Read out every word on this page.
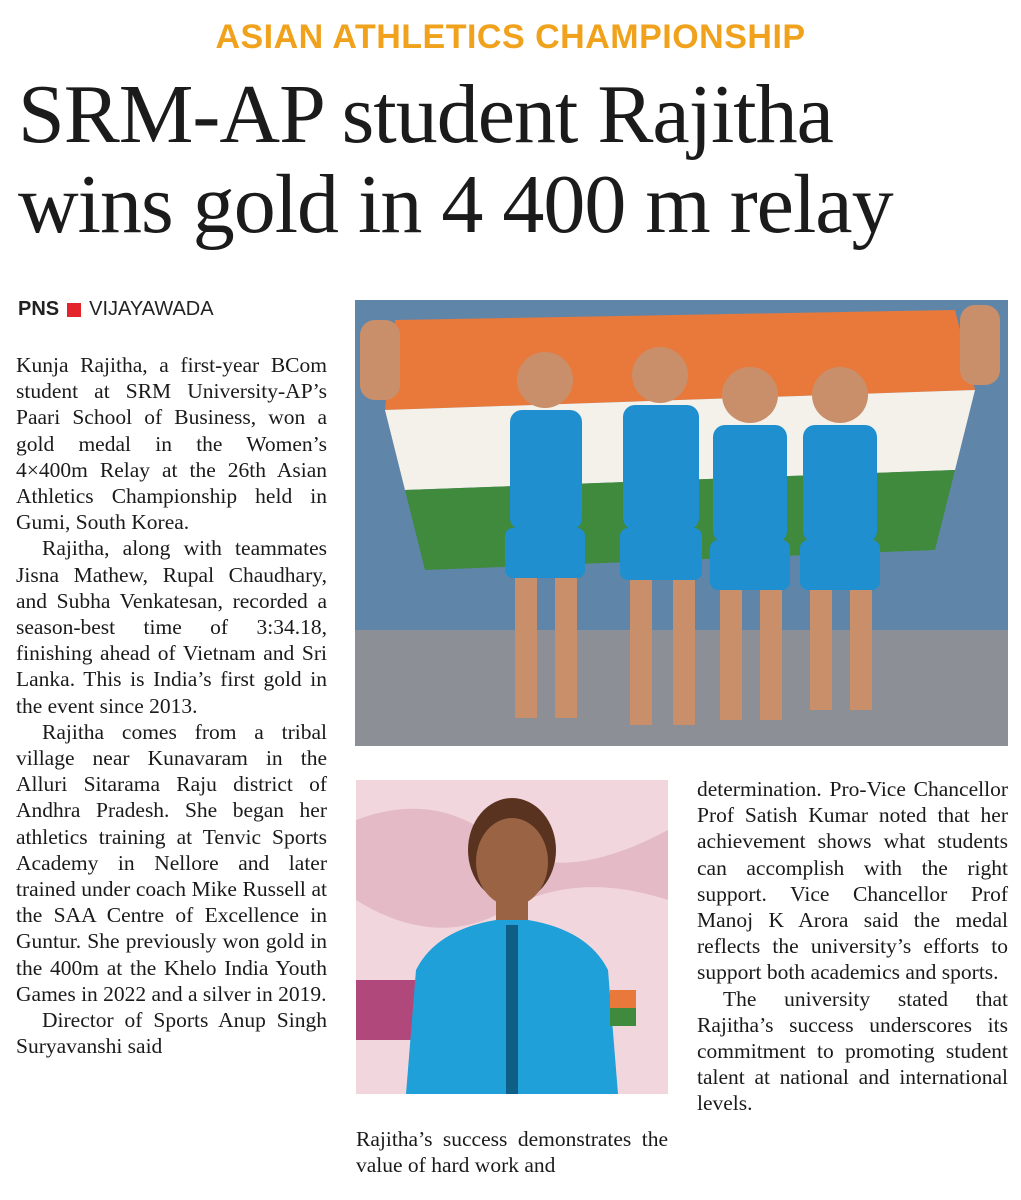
ASIAN ATHLETICS CHAMPIONSHIP
SRM-AP student Rajitha
wins gold in 4 400 m relay
PNS VIJAYAWADA

Kunja Rajitha, a first-year BCom student at SRM University-AP’s Paari School of Business, won a gold medal in the Women’s 4×400m Relay at the 26th Asian Athletics Championship held in Gumi, South Korea.

Rajitha, along with teammates Jisna Mathew, Rupal Chaudhary, and Subha Venkatesan, recorded a season-best time of 3:34.18, finishing ahead of Vietnam and Sri Lanka. This is India’s first gold in the event since 2013.

Rajitha comes from a tribal village near Kunavaram in the Alluri Sitarama Raju district of Andhra Pradesh. She began her athletics training at Tenvic Sports Academy in Nellore and later trained under coach Mike Russell at the SAA Centre of Excellence in Guntur. She previously won gold in the 400m at the Khelo India Youth Games in 2022 and a silver in 2019.

Director of Sports Anup Singh Suryavanshi said

Rajitha’s success demonstrates the value of hard work and

determination. Pro-Vice Chancellor Prof Satish Kumar noted that her achievement shows what students can accomplish with the right support. Vice Chancellor Prof Manoj K Arora said the medal reflects the university’s efforts to support both academics and sports.

The university stated that Rajitha’s success underscores its commitment to promoting student talent at national and international levels.
